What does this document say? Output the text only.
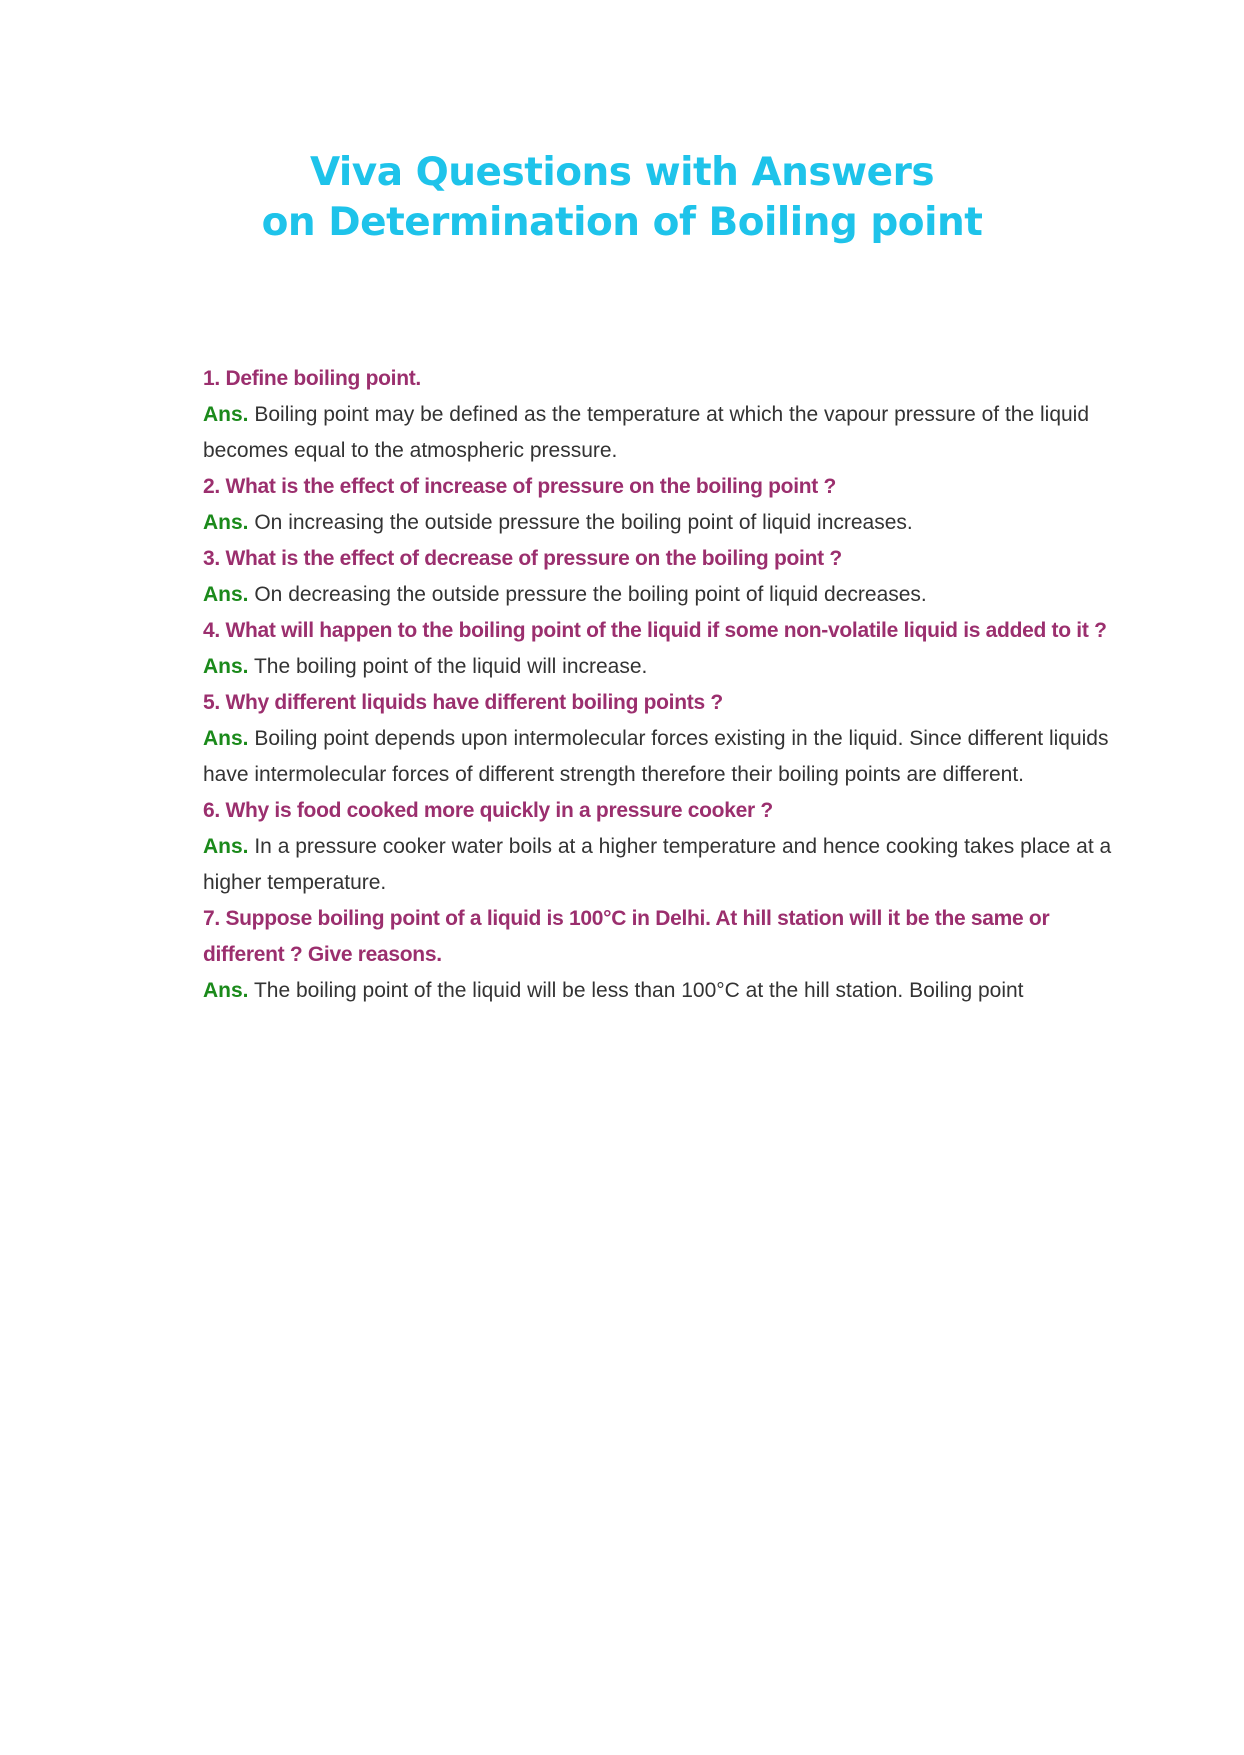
Viva Questions with Answers
on Determination of Boiling point
1. Define boiling point.
Ans. Boiling point may be defined as the temperature at which the vapour pressure of the liquid becomes equal to the atmospheric pressure.
2. What is the effect of increase of pressure on the boiling point ?
Ans. On increasing the outside pressure the boiling point of liquid increases.
3. What is the effect of decrease of pressure on the boiling point ?
Ans. On decreasing the outside pressure the boiling point of liquid decreases.
4. What will happen to the boiling point of the liquid if some non-volatile liquid is added to it ?
Ans. The boiling point of the liquid will increase.
5. Why different liquids have different boiling points ?
Ans. Boiling point depends upon intermolecular forces existing in the liquid. Since different liquids have intermolecular forces of different strength therefore their boiling points are different.
6. Why is food cooked more quickly in a pressure cooker ?
Ans. In a pressure cooker water boils at a higher temperature and hence cooking takes place at a higher temperature.
7. Suppose boiling point of a liquid is 100°C in Delhi. At hill station will it be the same or different ? Give reasons.
Ans. The boiling point of the liquid will be less than 100°C at the hill station. Boiling point
